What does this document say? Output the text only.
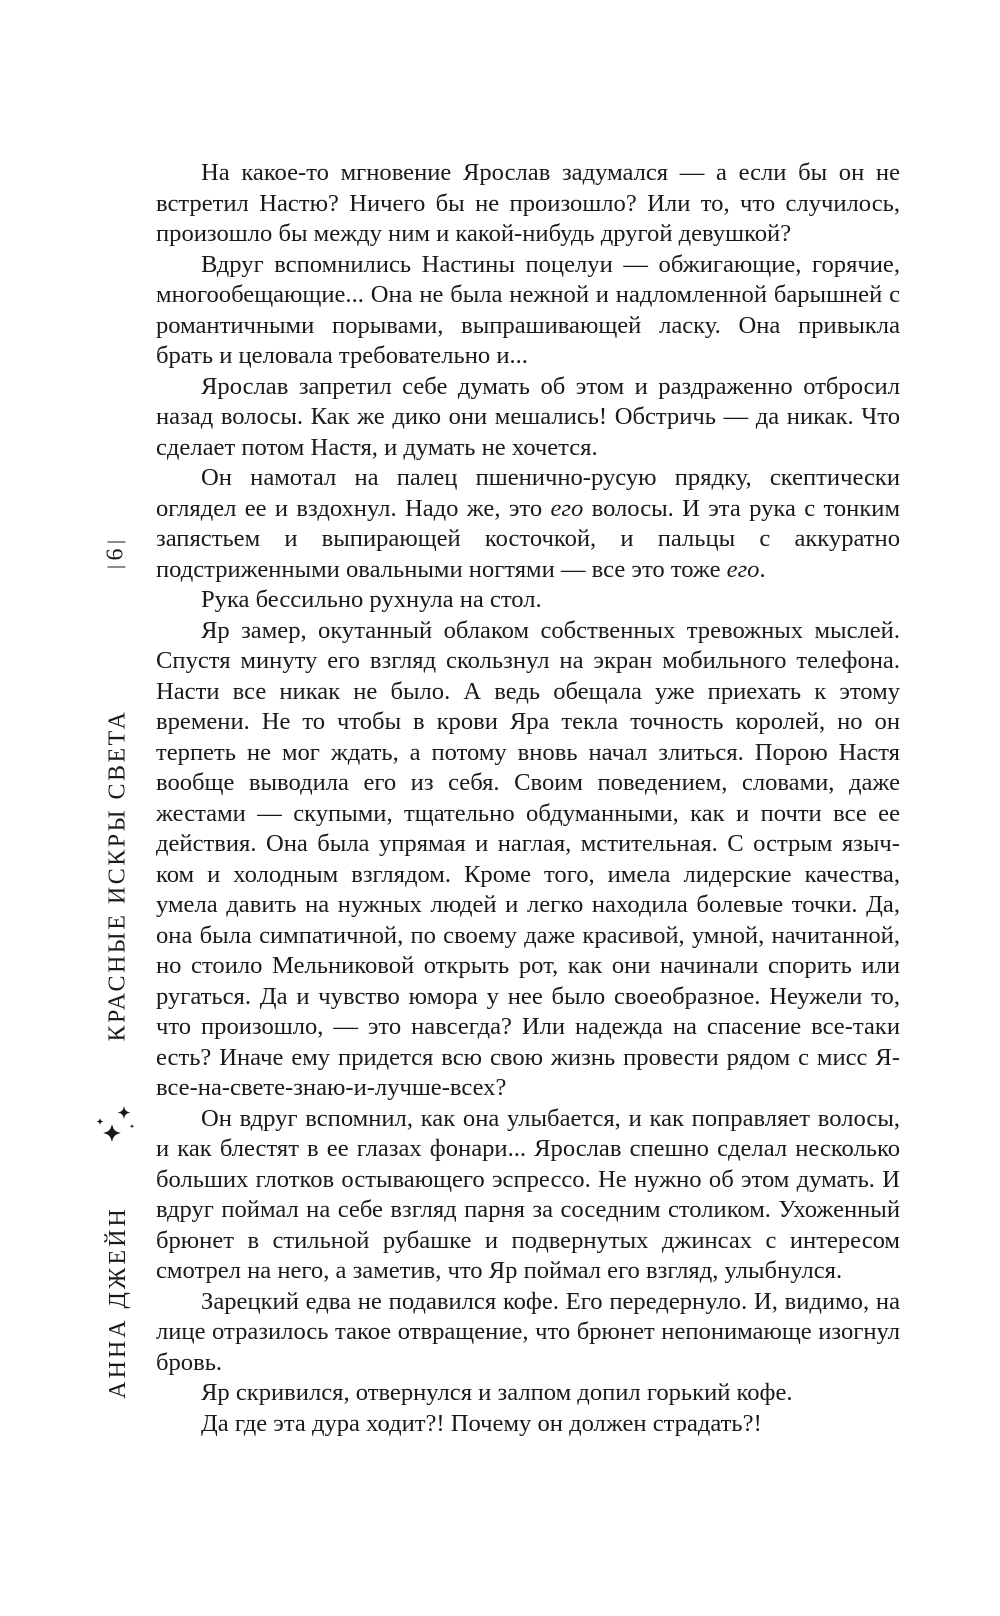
6
КРАСНЫЕ ИСКРЫ СВЕТА
АННА ДЖЕЙН

На какое-то мгновение Ярослав задумался — а если бы он не встретил Настю? Ничего бы не произошло? Или то, что случилось, произошло бы между ним и какой-нибудь другой девушкой?

Вдруг вспомнились Настины поцелуи — обжигающие, горячие, многообещающие... Она не была нежной и надломленной барышней с романтичными порывами, выпрашивающей ласку. Она привыкла брать и целовала требовательно и...

Ярослав запретил себе думать об этом и раздраженно отбросил назад волосы. Как же дико они мешались! Обстричь — да никак. Что сделает потом Настя, и думать не хочется.

Он намотал на палец пшенично-русую прядку, скептически оглядел ее и вздохнул. Надо же, это его волосы. И эта рука с тонким запястьем и выпирающей косточкой, и пальцы с аккуратно подстриженными овальными ногтями — все это тоже его.

Рука бессильно рухнула на стол.

Яр замер, окутанный облаком собственных тревожных мыслей. Спустя минуту его взгляд скользнул на экран мобильного телефона. Насти все никак не было. А ведь обещала уже приехать к этому времени. Не то чтобы в крови Яра текла точность королей, но он терпеть не мог ждать, а потому вновь начал злиться. Порою Настя вообще выводила его из себя. Своим поведением, словами, даже жестами — скупыми, тщательно обдуманными, как и почти все ее действия. Она была упрямая и наглая, мстительная. С острым язычком и холодным взглядом. Кроме того, имела лидерские качества, умела давить на нужных людей и легко находила болевые точки. Да, она была симпатичной, по своему даже красивой, умной, начитанной, но стоило Мельниковой открыть рот, как они начинали спорить или ругаться. Да и чувство юмора у нее было своеобразное. Неужели то, что произошло, — это навсегда? Или надежда на спасение все-таки есть? Иначе ему придется всю свою жизнь провести рядом с мисс Я-все-на-свете-знаю-и-лучше-всех?

Он вдруг вспомнил, как она улыбается, и как поправляет волосы, и как блестят в ее глазах фонари... Ярослав спешно сделал несколько больших глотков остывающего эспрессо. Не нужно об этом думать. И вдруг поймал на себе взгляд парня за соседним столиком. Ухоженный брюнет в стильной рубашке и подвернутых джинсах с интересом смотрел на него, а заметив, что Яр поймал его взгляд, улыбнулся.

Зарецкий едва не подавился кофе. Его передернуло. И, видимо, на лице отразилось такое отвращение, что брюнет непонимающе изогнул бровь.

Яр скривился, отвернулся и залпом допил горький кофе.

Да где эта дура ходит?! Почему он должен страдать?!
